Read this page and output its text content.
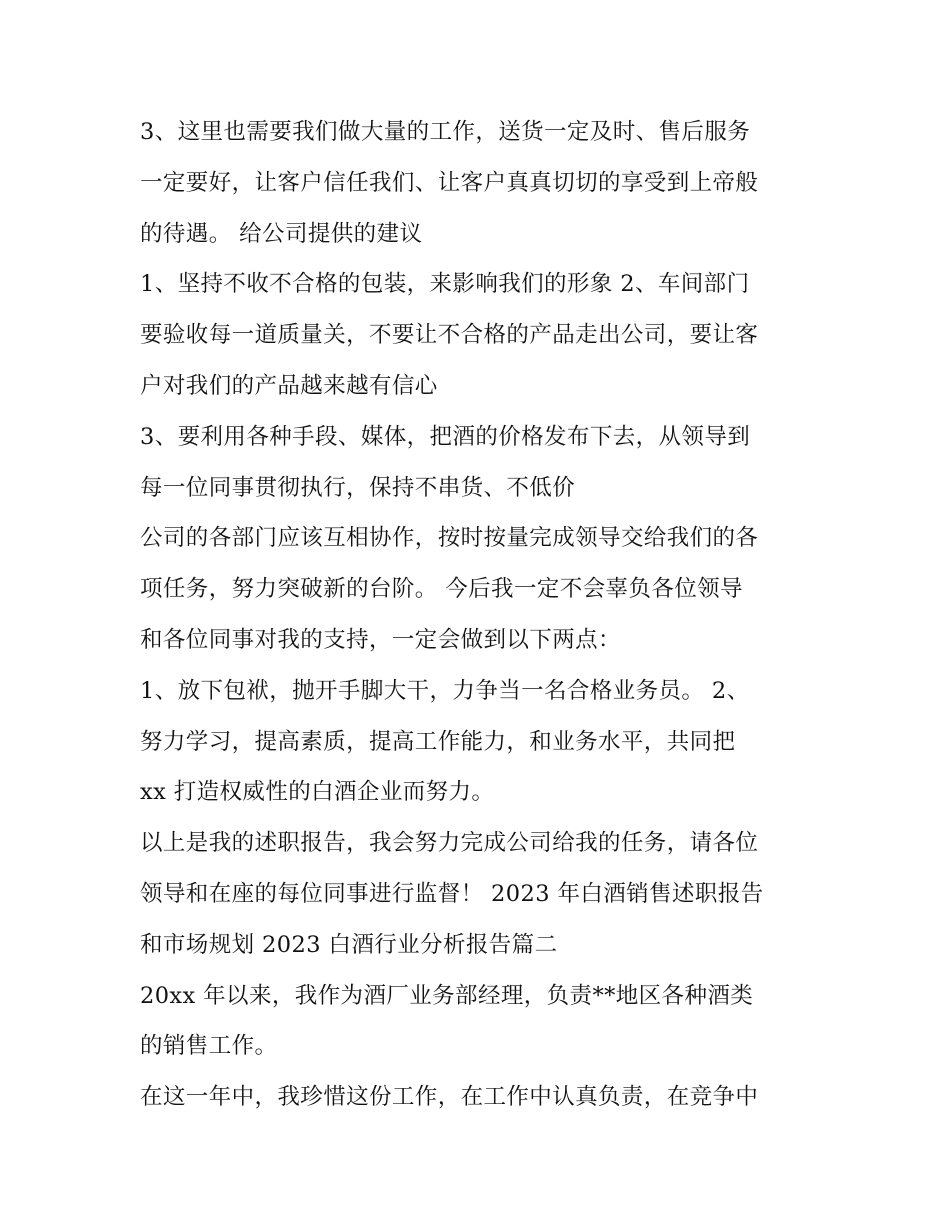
3、这里也需要我们做大量的工作，送货一定及时、售后服务
一定要好，让客户信任我们、让客户真真切切的享受到上帝般
的待遇。 给公司提供的建议
1、坚持不收不合格的包装，来影响我们的形象 2、车间部门
要验收每一道质量关，不要让不合格的产品走出公司，要让客
户对我们的产品越来越有信心
3、要利用各种手段、媒体，把酒的价格发布下去，从领导到
每一位同事贯彻执行，保持不串货、不低价
公司的各部门应该互相协作，按时按量完成领导交给我们的各
项任务，努力突破新的台阶。 今后我一定不会辜负各位领导
和各位同事对我的支持，一定会做到以下两点：
1、放下包袱，抛开手脚大干，力争当一名合格业务员。 2、
努力学习，提高素质，提高工作能力，和业务水平，共同把
xx 打造权威性的白酒企业而努力。
以上是我的述职报告，我会努力完成公司给我的任务，请各位
领导和在座的每位同事进行监督！ 2023 年白酒销售述职报告
和市场规划 2023 白酒行业分析报告篇二
20xx 年以来，我作为酒厂业务部经理，负责**地区各种酒类
的销售工作。
在这一年中，我珍惜这份工作，在工作中认真负责，在竞争中
